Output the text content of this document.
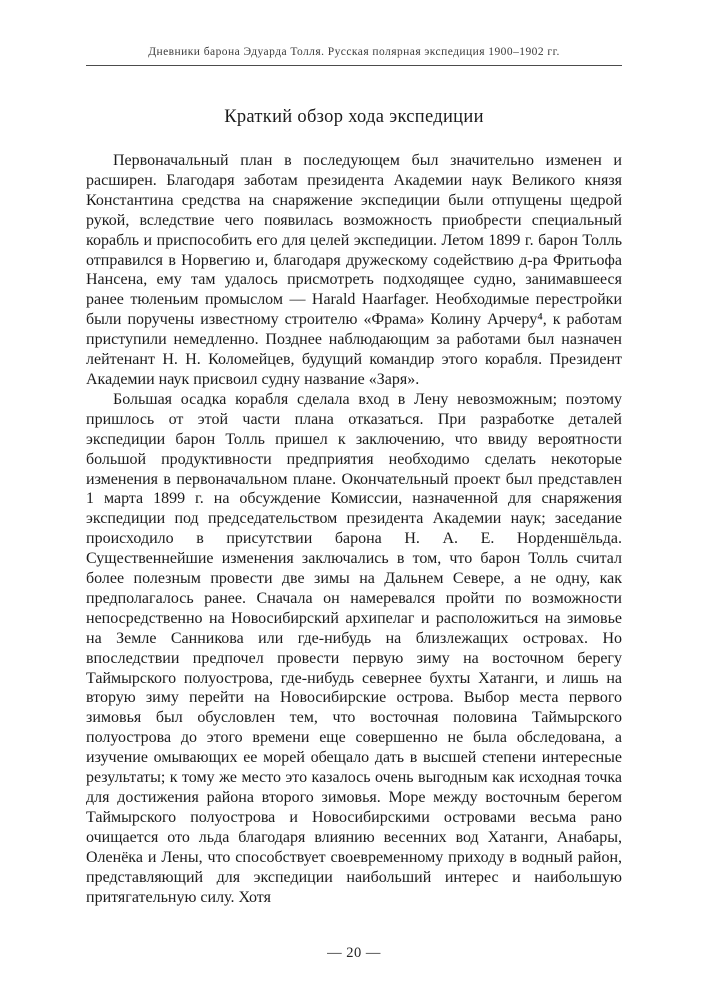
Дневники барона Эдуарда Толля. Русская полярная экспедиция 1900–1902 гг.
Краткий обзор хода экспедиции

Первоначальный план в последующем был значительно изменен и расширен. Благодаря заботам президента Академии наук Великого князя Константина средства на снаряжение экспедиции были отпущены щедрой рукой, вследствие чего появилась возможность приобрести специальный корабль и приспособить его для целей экспедиции. Летом 1899 г. барон Толль отправился в Норвегию и, благодаря дружескому содействию д-ра Фритьофа Нансена, ему там удалось присмотреть подходящее судно, занимавшееся ранее тюленьим промыслом — Harald Haarfager. Необходимые перестройки были поручены известному строителю «Фрама» Колину Арчеру⁴, к работам приступили немедленно. Позднее наблюдающим за работами был назначен лейтенант Н. Н. Коломейцев, будущий командир этого корабля. Президент Академии наук присвоил судну название «Заря».

Большая осадка корабля сделала вход в Лену невозможным; поэтому пришлось от этой части плана отказаться. При разработке деталей экспедиции барон Толль пришел к заключению, что ввиду вероятности большой продуктивности предприятия необходимо сделать некоторые изменения в первоначальном плане. Окончательный проект был представлен 1 марта 1899 г. на обсуждение Комиссии, назначенной для снаряжения экспедиции под председательством президента Академии наук; заседание происходило в присутствии барона Н. А. Е. Норденшёльда. Существеннейшие изменения заключались в том, что барон Толль считал более полезным провести две зимы на Дальнем Севере, а не одну, как предполагалось ранее. Сначала он намеревался пройти по возможности непосредственно на Новосибирский архипелаг и расположиться на зимовье на Земле Санникова или где-нибудь на близлежащих островах. Но впоследствии предпочел провести первую зиму на восточном берегу Таймырского полуострова, где-нибудь севернее бухты Хатанги, и лишь на вторую зиму перейти на Новосибирские острова. Выбор места первого зимовья был обусловлен тем, что восточная половина Таймырского полуострова до этого времени еще совершенно не была обследована, а изучение омывающих ее морей обещало дать в высшей степени интересные результаты; к тому же место это казалось очень выгодным как исходная точка для достижения района второго зимовья. Море между восточным берегом Таймырского полуострова и Новосибирскими островами весьма рано очищается ото льда благодаря влиянию весенних вод Хатанги, Анабары, Оленёка и Лены, что способствует своевременному приходу в водный район, представляющий для экспедиции наибольший интерес и наибольшую притягательную силу. Хотя

— 20 —
